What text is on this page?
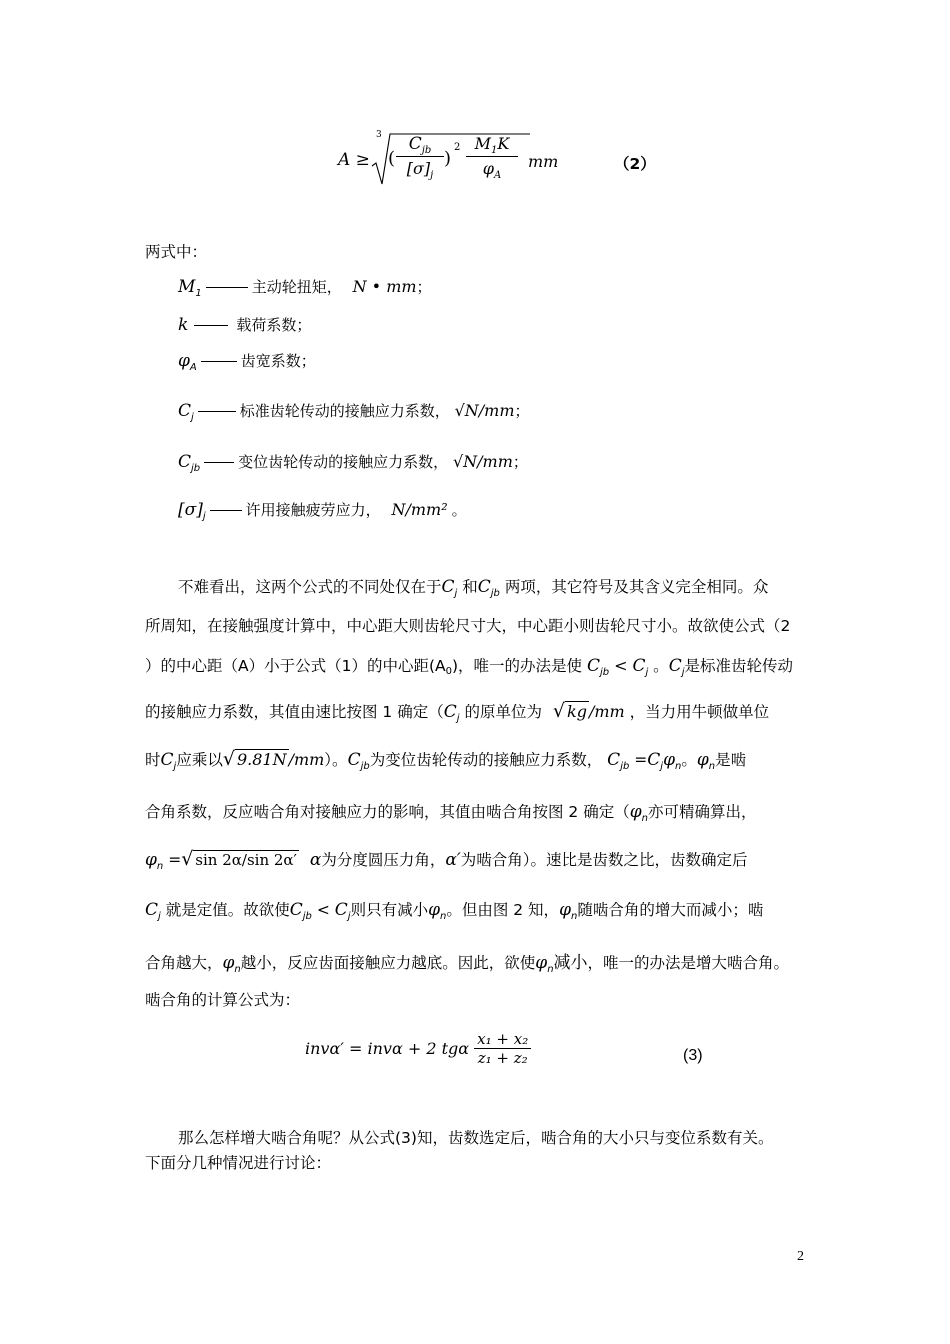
A ≥
3
(
$C_{jb}$
$[\sigma]_j$
)
2 $M_1K$
$\varphi_A$
mm	（2）
两式中：
$M_1$	主动轮扭矩， N • mm；
k	载荷系数；
$\varphi_A$	齿宽系数；
$C_j$	标准齿轮传动的接触应力系数， √N/mm；
$C_{jb}$	变位齿轮传动的接触应力系数， √N/mm；
$[\sigma]_j$	许用接触疲劳应力， N/mm² 。
不难看出，这两个公式的不同处仅在于$C_j$ 和$C_{jb}$ 两项，其它符号及其含义完全相同。众
所周知，在接触强度计算中，中心距大则齿轮尺寸大，中心距小则齿轮尺寸小。故欲使公式（2
）的中心距（A）小于公式（1）的中心距(A0)，唯一的办法是使 $C_{jb} < C_j$ 。$C_j$是标准齿轮传动
的接触应力系数，其值由速比按图 1 确定（$C_j$ 的原单位为 √ kg /mm ，当力用牛顿做单位
时$C_j$应乘以√ 9.81N /mm）。$C_{jb}$为变位齿轮传动的接触应力系数， $C_{jb} =C_j\varphi_n$。$\varphi_n$是啮
合角系数，反应啮合角对接触应力的影响，其值由啮合角按图 2 确定（$\varphi_n$亦可精确算出，
$\varphi_n$ =√ sin 2α/sin 2α′ α为分度圆压力角，α′为啮合角）。速比是齿数之比，齿数确定后
$C_j$ 就是定值。故欲使$C_{jb} < C_j$则只有减小$\varphi_n$。但由图 2 知，$\varphi_n$随啮合角的增大而减小；啮
合角越大，$\varphi_n$越小，反应齿面接触应力越底。因此，欲使$\varphi_n$减小，唯一的办法是增大啮合角。
啮合角的计算公式为：
invα′ = invα + 2 tgα $\frac{\text{x₁ + x₂}}{\text{z₁ + z₂}}$	(3)
那么怎样增大啮合角呢？从公式(3)知，齿数选定后，啮合角的大小只与变位系数有关。
下面分几种情况进行讨论：
2
